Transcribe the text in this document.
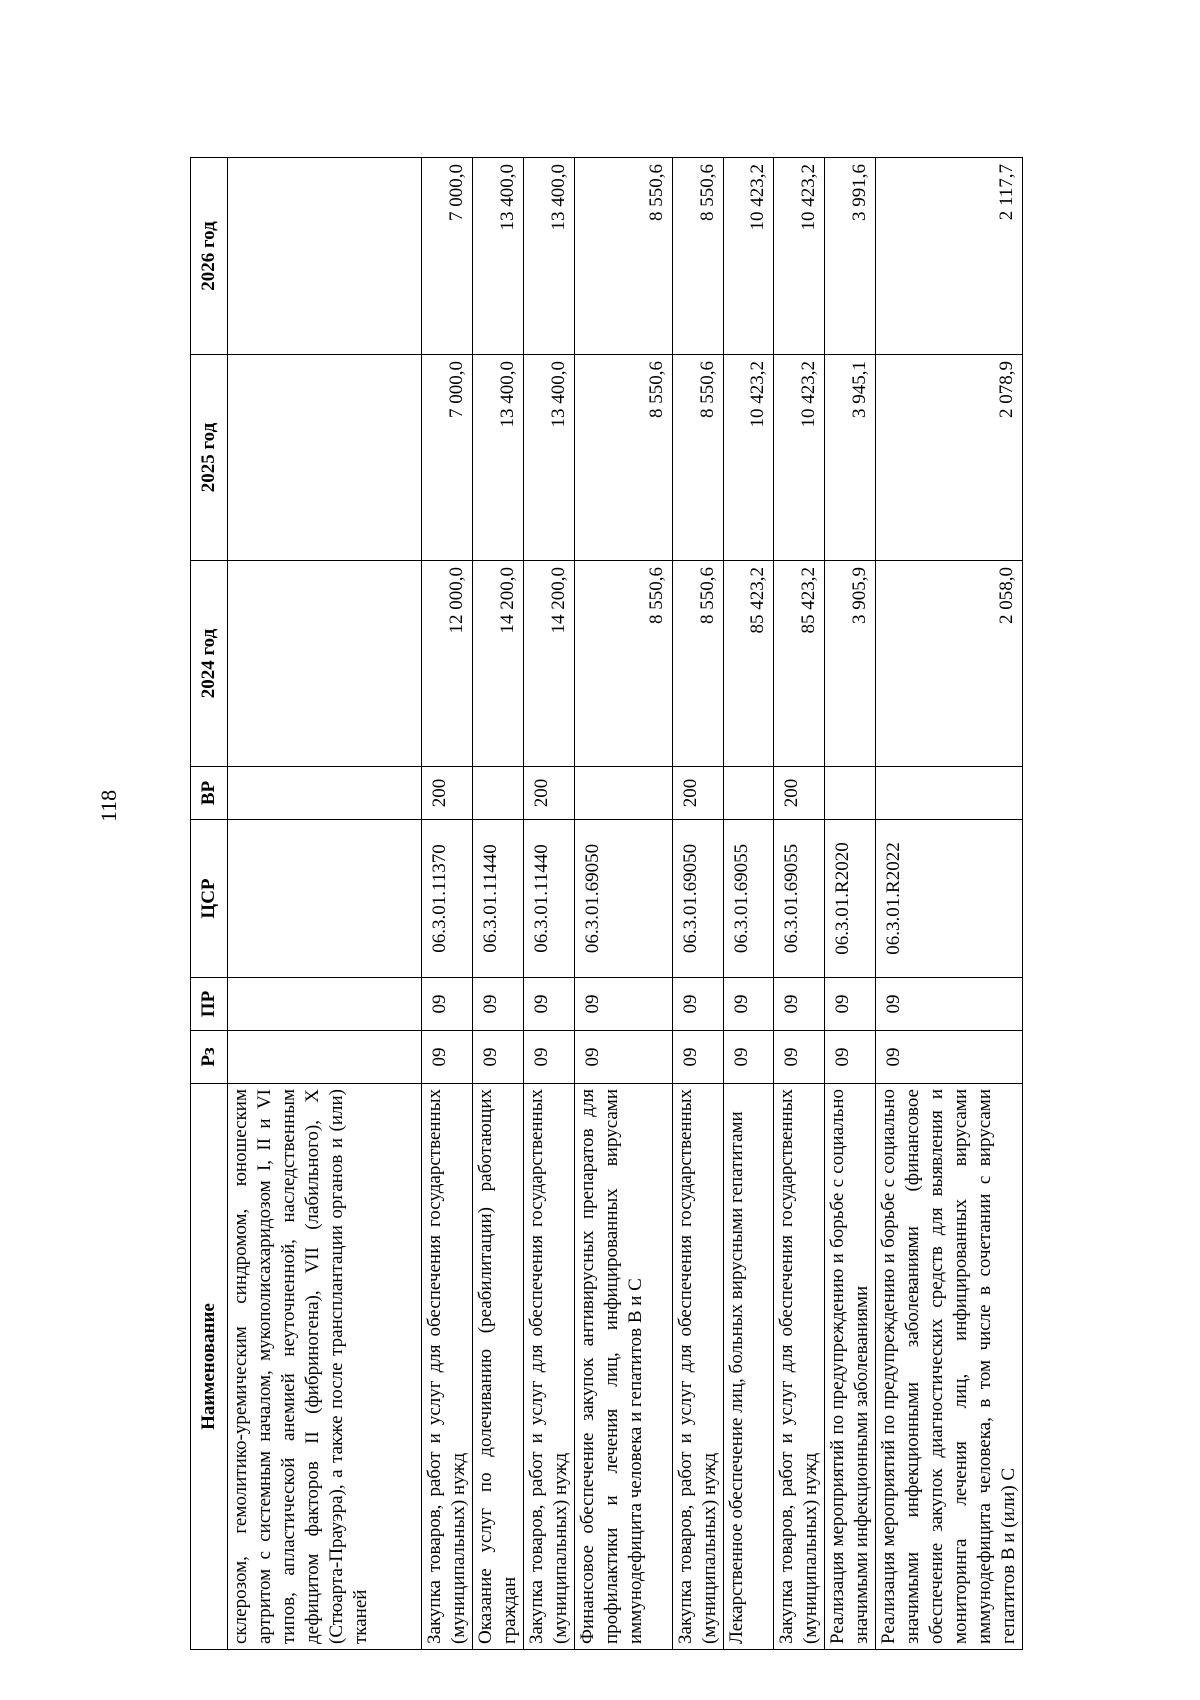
118
Наименование	Рз	ПР	ЦСР	ВР	2024 год	2025 год	2026 год
склерозом, гемолитико-уремическим синдромом, юношеским артритом с системным началом, мукополисахаридозом I, II и VI типов, апластической анемией неуточненной, наследственным дефицитом факторов II (фибриногена), VII (лабильного), X (Стюарта-Прауэра), а также после трансплантации органов и (или) тканей							
Закупка товаров, работ и услуг для обеспечения государственных (муниципальных) нужд	09	09	06.3.01.11370	200	12 000,0	7 000,0	7 000,0
Оказание услуг по долечиванию (реабилитации) работающих граждан	09	09	06.3.01.11440		14 200,0	13 400,0	13 400,0
Закупка товаров, работ и услуг для обеспечения государственных (муниципальных) нужд	09	09	06.3.01.11440	200	14 200,0	13 400,0	13 400,0
Финансовое обеспечение закупок антивирусных препаратов для профилактики и лечения лиц, инфицированных вирусами иммунодефицита человека и гепатитов B и C	09	09	06.3.01.69050		8 550,6	8 550,6	8 550,6
Закупка товаров, работ и услуг для обеспечения государственных (муниципальных) нужд	09	09	06.3.01.69050	200	8 550,6	8 550,6	8 550,6
Лекарственное обеспечение лиц, больных вирусными гепатитами	09	09	06.3.01.69055		85 423,2	10 423,2	10 423,2
Закупка товаров, работ и услуг для обеспечения государственных (муниципальных) нужд	09	09	06.3.01.69055	200	85 423,2	10 423,2	10 423,2
Реализация мероприятий по предупреждению и борьбе с социально значимыми инфекционными заболеваниями	09	09	06.3.01.R2020		3 905,9	3 945,1	3 991,6
Реализация мероприятий по предупреждению и борьбе с социально значимыми инфекционными заболеваниями (финансовое обеспечение закупок диагностических средств для выявления и мониторинга лечения лиц, инфицированных вирусами иммунодефицита человека, в том числе в сочетании с вирусами гепатитов B и (или) C	09	09	06.3.01.R2022		2 058,0	2 078,9	2 117,7
